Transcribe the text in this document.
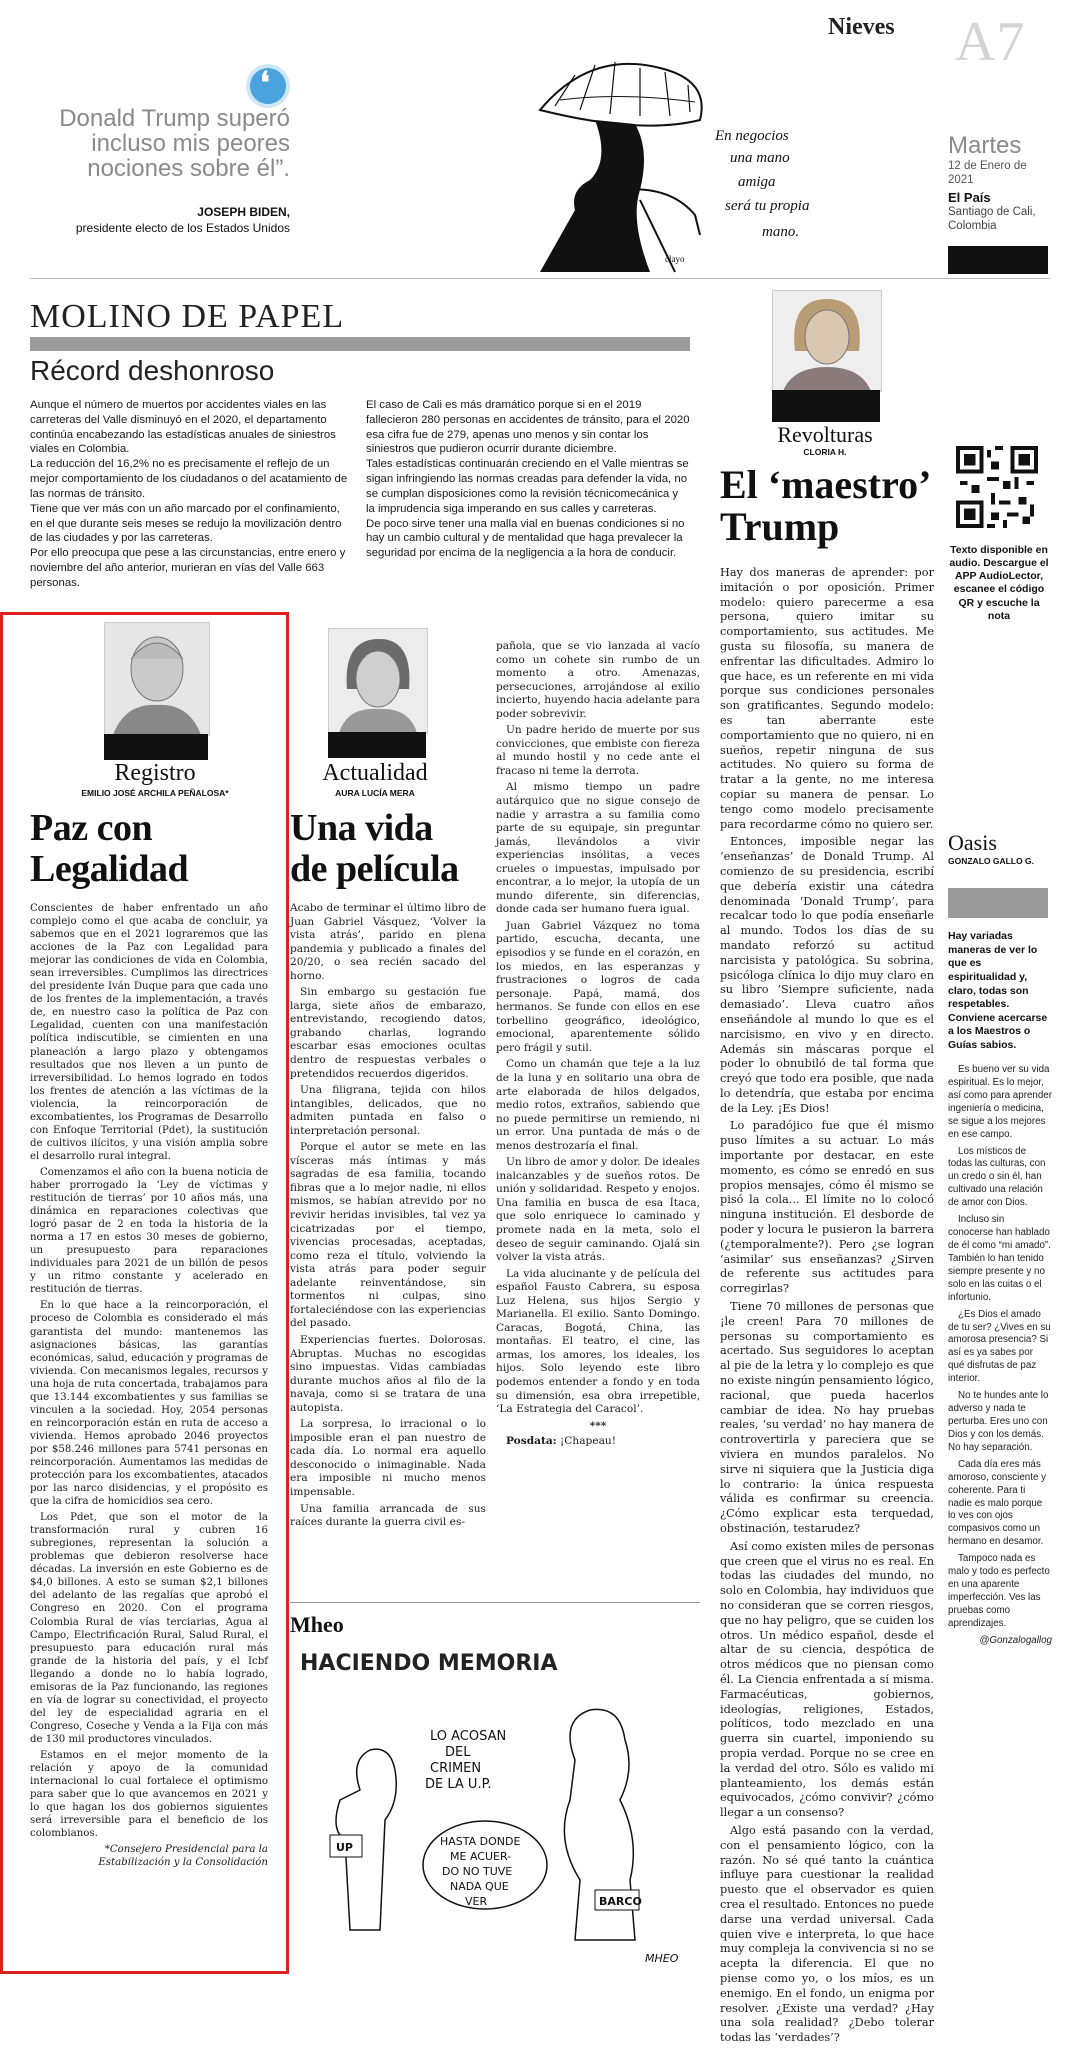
Nieves A7
❛
Donald Trump superó incluso mis peores nociones sobre él”.
JOSEPH BIDEN,
presidente electo de los Estados Unidos
En negocios
una mano
amiga
será tu propia
mano.
clayo
Martes
12 de Enero de 2021
El País
Santiago de Cali, Colombia
MOLINO DE PAPEL
Récord deshonroso
Aunque el número de muertos por accidentes viales en las carreteras del Valle disminuyó en el 2020, el departamento continúa encabezando las estadísticas anuales de siniestros viales en Colombia.
La reducción del 16,2% no es precisamente el reflejo de un mejor comportamiento de los ciudadanos o del acatamiento de las normas de tránsito.
Tiene que ver más con un año marcado por el confinamiento, en el que durante seis meses se redujo la movilización dentro de las ciudades y por las carreteras.
Por ello preocupa que pese a las circunstancias, entre enero y noviembre del año anterior, murieran en vías del Valle 663 personas.
El caso de Cali es más dramático porque si en el 2019 fallecieron 280 personas en accidentes de tránsito, para el 2020 esa cifra fue de 279, apenas uno menos y sin contar los siniestros que pudieron ocurrir durante diciembre.
Tales estadísticas continuarán creciendo en el Valle mientras se sigan infringiendo las normas creadas para defender la vida, no se cumplan disposiciones como la revisión técnicomecánica y la imprudencia siga imperando en sus calles y carreteras.
De poco sirve tener una malla vial en buenas condiciones si no hay un cambio cultural y de mentalidad que haga prevalecer la seguridad por encima de la negligencia a la hora de conducir.
Registro
EMILIO JOSÉ ARCHILA PEÑALOSA*
Paz con
Legalidad

Conscientes de haber enfrentado un año complejo como el que acaba de concluir, ya sabemos que en el 2021 lograremos que las acciones de la Paz con Legalidad para mejorar las condiciones de vida en Colombia, sean irreversibles. Cumplimos las directrices del presidente Iván Duque para que cada uno de los frentes de la implementación, a través de, en nuestro caso la política de Paz con Legalidad, cuenten con una manifestación política indiscutible, se cimienten en una planeación a largo plazo y obtengamos resultados que nos lleven a un punto de irreversibilidad. Lo hemos logrado en todos los frentes de atención a las víctimas de la violencia, la reincorporación de excombatientes, los Programas de Desarrollo con Enfoque Territorial (Pdet), la sustitución de cultivos ilícitos, y una visión amplia sobre el desarrollo rural integral.

Comenzamos el año con la buena noticia de haber prorrogado la ‘Ley de víctimas y restitución de tierras’ por 10 años más, una dinámica en reparaciones colectivas que logró pasar de 2 en toda la historia de la norma a 17 en estos 30 meses de gobierno, un presupuesto para reparaciones individuales para 2021 de un billón de pesos y un ritmo constante y acelerado en restitución de tierras.

En lo que hace a la reincorporación, el proceso de Colombia es considerado el más garantista del mundo: mantenemos las asignaciones básicas, las garantías económicas, salud, educación y programas de vivienda. Con mecanismos legales, recursos y una hoja de ruta concertada, trabajamos para que 13.144 excombatientes y sus familias se vinculen a la sociedad. Hoy, 2054 personas en reincorporación están en ruta de acceso a vivienda. Hemos aprobado 2046 proyectos por $58.246 millones para 5741 personas en reincorporación. Aumentamos las medidas de protección para los excombatientes, atacados por las narco disidencias, y el propósito es que la cifra de homicidios sea cero.

Los Pdet, que son el motor de la transformación rural y cubren 16 subregiones, representan la solución a problemas que debieron resolverse hace décadas. La inversión en este Gobierno es de $4,0 billones. A esto se suman $2,1 billones del adelanto de las regalías que aprobó el Congreso en 2020. Con el programa Colombia Rural de vías terciarias, Agua al Campo, Electrificación Rural, Salud Rural, el presupuesto para educación rural más grande de la historia del país, y el Icbf llegando a donde no lo había logrado, emisoras de la Paz funcionando, las regiones en vía de lograr su conectividad, el proyecto del ley de especialidad agraria en el Congreso, Coseche y Venda a la Fija con más de 130 mil productores vinculados.

Estamos en el mejor momento de la relación y apoyo de la comunidad internacional lo cual fortalece el optimismo para saber que lo que avancemos en 2021 y lo que hagan los dos gobiernos siguientes será irreversible para el beneficio de los colombianos.

*Consejero Presidencial para la Estabilización y la Consolidación

Actualidad
AURA LUCÍA MERA
Una vida
de película

Acabo de terminar el último libro de Juan Gabriel Vásquez, ‘Volver la vista atrás’, parido en plena pandemia y publicado a finales del 20/20, o sea recién sacado del horno.

Sin embargo su gestación fue larga, siete años de embarazo, entrevistando, recogiendo datos, grabando charlas, logrando escarbar esas emociones ocultas dentro de respuestas verbales o pretendidos recuerdos digeridos.

Una filigrana, tejida con hilos intangibles, delicados, que no admiten puntada en falso o interpretación personal.

Porque el autor se mete en las vísceras más íntimas y más sagradas de esa familia, tocando fibras que a lo mejor nadie, ni ellos mismos, se habían atrevido por no revivir heridas invisibles, tal vez ya cicatrizadas por el tiempo, vivencias procesadas, aceptadas, como reza el título, volviendo la vista atrás para poder seguir adelante reinventándose, sin tormentos ni culpas, sino fortaleciéndose con las experiencias del pasado.

Experiencias fuertes. Dolorosas. Abruptas. Muchas no escogidas sino impuestas. Vidas cambiadas durante muchos años al filo de la navaja, como si se tratara de una autopista.

La sorpresa, lo irracional o lo imposible eran el pan nuestro de cada día. Lo normal era aquello desconocido o inimaginable. Nada era imposible ni mucho menos impensable.

Una familia arrancada de sus raíces durante la guerra civil es-

pañola, que se vio lanzada al vacío como un cohete sin rumbo de un momento a otro. Amenazas, persecuciones, arrojándose al exilio incierto, huyendo hacia adelante para poder sobrevivir.

Un padre herido de muerte por sus convicciones, que embiste con fiereza al mundo hostil y no cede ante el fracaso ni teme la derrota.

Al mismo tiempo un padre autárquico que no sigue consejo de nadie y arrastra a su familia como parte de su equipaje, sin preguntar jamás, llevándolos a vivir experiencias insólitas, a veces crueles o impuestas, impulsado por encontrar, a lo mejor, la utopía de un mundo diferente, sin diferencias, donde cada ser humano fuera igual.

Juan Gabriel Vázquez no toma partido, escucha, decanta, une episodios y se funde en el corazón, en los miedos, en las esperanzas y frustraciones o logros de cada personaje. Papá, mamá, dos hermanos. Se funde con ellos en ese torbellino geográfico, ideológico, emocional, aparentemente sólido pero frágil y sutil.

Como un chamán que teje a la luz de la luna y en solitario una obra de arte elaborada de hilos delgados, medio rotos, extraños, sabiendo que no puede permitirse un remiendo, ni un error. Una puntada de más o de menos destrozaría el final.

Un libro de amor y dolor. De ideales inalcanzables y de sueños rotos. De unión y solidaridad. Respeto y enojos. Una familia en busca de esa Ítaca, que solo enriquece lo caminado y promete nada en la meta, solo el deseo de seguir caminando. Ojalá sin volver la vista atrás.

La vida alucinante y de película del español Fausto Cabrera, su esposa Luz Helena, sus hijos Sergio y Marianella. El exilio. Santo Domingo. Caracas, Bogotá, China, las montañas. El teatro, el cine, las armas, los amores, los ideales, los hijos. Solo leyendo este libro podemos entender a fondo y en toda su dimensión, esa obra irrepetible, ‘La Estrategia del Caracol’.

***

Posdata: ¡Chapeau!

Mheo
HACIENDO MEMORIA
LO ACOSAN
DEL
CRIMEN
DE LA U.P.
HASTA DONDE
ME ACUER-
DO NO TUVE
NADA QUE
VER
UP
BARCO
MHEO
Revolturas
CLORIA H.
El ‘maestro’
Trump

Hay dos maneras de aprender: por imitación o por oposición. Primer modelo: quiero parecerme a esa persona, quiero imitar su comportamiento, sus actitudes. Me gusta su filosofía, su manera de enfrentar las dificultades. Admiro lo que hace, es un referente en mi vida porque sus condiciones personales son gratificantes. Segundo modelo: es tan aberrante este comportamiento que no quiero, ni en sueños, repetir ninguna de sus actitudes. No quiero su forma de tratar a la gente, no me interesa copiar su manera de pensar. Lo tengo como modelo precisamente para recordarme cómo no quiero ser.

Entonces, imposible negar las ‘enseñanzas’ de Donald Trump. Al comienzo de su presidencia, escribí que debería existir una cátedra denominada ‘Donald Trump’, para recalcar todo lo que podía enseñarle al mundo. Todos los días de su mandato reforzó su actitud narcisista y patológica. Su sobrina, psicóloga clínica lo dijo muy claro en su libro ‘Siempre suficiente, nada demasiado’. Lleva cuatro años enseñándole al mundo lo que es el narcisismo, en vivo y en directo. Además sin máscaras porque el poder lo obnubiló de tal forma que creyó que todo era posible, que nada lo detendría, que estaba por encima de la Ley. ¡Es Dios!

Lo paradójico fue que él mismo puso límites a su actuar. Lo más importante por destacar, en este momento, es cómo se enredó en sus propios mensajes, cómo él mismo se pisó la cola... El límite no lo colocó ninguna institución. El desborde de poder y locura le pusieron la barrera (¿temporalmente?). Pero ¿se logran ‘asimilar’ sus enseñanzas? ¿Sirven de referente sus actitudes para corregirlas?

Tiene 70 millones de personas que ¡le creen! Para 70 millones de personas su comportamiento es acertado. Sus seguidores lo aceptan al pie de la letra y lo complejo es que no existe ningún pensamiento lógico, racional, que pueda hacerlos cambiar de idea. No hay pruebas reales, ‘su verdad’ no hay manera de controvertirla y pareciera que se viviera en mundos paralelos. No sirve ni siquiera que la Justicia diga lo contrario: la única respuesta válida es confirmar su creencia. ¿Cómo explicar esta terquedad, obstinación, testarudez?

Así como existen miles de personas que creen que el virus no es real. En todas las ciudades del mundo, no solo en Colombia, hay individuos que no consideran que se corren riesgos, que no hay peligro, que se cuiden los otros. Un médico español, desde el altar de su ciencia, despótica de otros médicos que no piensan como él. La Ciencia enfrentada a sí misma. Farmacéuticas, gobiernos, ideologías, religiones, Estados, políticos, todo mezclado en una guerra sin cuartel, imponiendo su propia verdad. Porque no se cree en la verdad del otro. Sólo es valido mi planteamiento, los demás están equivocados, ¿cómo convivir? ¿cómo llegar a un consenso?

Algo está pasando con la verdad, con el pensamiento lógico, con la razón. No sé qué tanto la cuántica influye para cuestionar la realidad puesto que el observador es quien crea el resultado. Entonces no puede darse una verdad universal. Cada quien vive e interpreta, lo que hace muy compleja la convivencia si no se acepta la diferencia. El que no piense como yo, o los míos, es un enemigo. En el fondo, un enigma por resolver. ¿Existe una verdad? ¿Hay una sola realidad? ¿Debo tolerar todas las ‘verdades’?

Texto disponible en audio. Descargue el APP AudioLector, escanee el código QR y escuche la nota
Oasis
GONZALO GALLO G.
Hay variadas maneras de ver lo que es espiritualidad y, claro, todas son respetables. Conviene acercarse a los Maestros o Guías sabios.

Es bueno ver su vida espiritual. Es lo mejor, así como para aprender ingeniería o medicina, se sigue a los mejores en ese campo.

Los místicos de todas las culturas, con un credo o sin él, han cultivado una relación de amor con Dios.

Incluso sin conocerse han hablado de él como “mi amado”. También lo han tenido siempre presente y no solo en las cuitas o el infortunio.

¿Es Dios el amado de tu ser? ¿Vives en su amorosa presencia? Si así es ya sabes por qué disfrutas de paz interior.

No te hundes ante lo adverso y nada te perturba. Eres uno con Dios y con los demás. No hay separación.

Cada día eres más amoroso, consciente y coherente. Para ti nadie es malo porque lo ves con ojos compasivos como un hermano en desamor.

Tampoco nada es malo y todo es perfecto en una aparente imperfección. Ves las pruebas como aprendizajes.

@Gonzalogallog
